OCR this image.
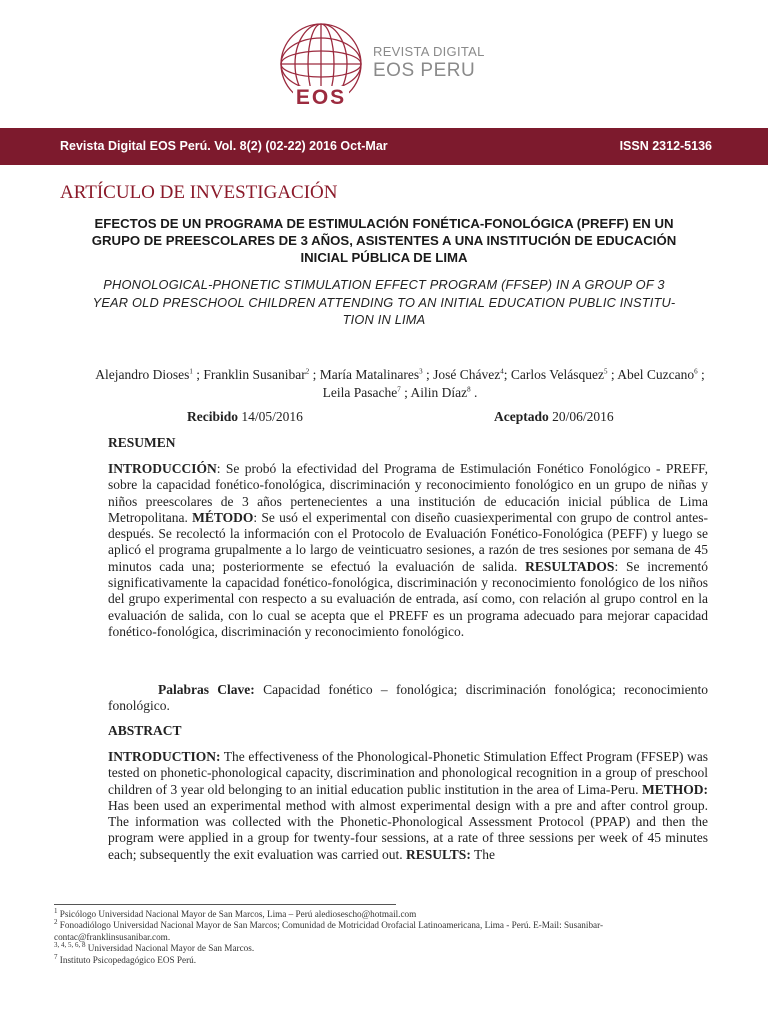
EOS
REVISTA DIGITAL
EOS PERU
Revista Digital EOS Perú. Vol. 8(2) (02-22) 2016 Oct-Mar	ISSN 2312-5136
ARTÍCULO DE INVESTIGACIÓN
EFECTOS DE UN PROGRAMA DE ESTIMULACIÓN FONÉTICA-FONOLÓGICA (PREFF) EN UN
GRUPO DE PREESCOLARES DE 3 AÑOS, ASISTENTES A UNA INSTITUCIÓN DE EDUCACIÓN
INICIAL PÚBLICA DE LIMA
PHONOLOGICAL-PHONETIC STIMULATION EFFECT PROGRAM (FFSEP) IN A GROUP OF 3
YEAR OLD PRESCHOOL CHILDREN ATTENDING TO AN INITIAL EDUCATION PUBLIC INSTITU-
TION IN LIMA
Alejandro Dioses$^1$ ; Franklin Susanibar$^2$ ; María Matalinares$^3$ ; José Chávez$^4$; Carlos Velásquez$^5$ ; Abel Cuzcano$^6$ ; Leila Pasache$^7$ ; Ailin Díaz$^8$ .
Recibido 14/05/2016	Aceptado 20/06/2016
RESUMEN

INTRODUCCIÓN: Se probó la efectividad del Programa de Estimulación Fonético Fonológico - PREFF, sobre la capacidad fonético-fonológica, discriminación y reconocimiento fonológico en un grupo de niñas y niños preescolares de 3 años pertenecientes a una institución de educación inicial pública de Lima Metropolitana. MÉTODO: Se usó el experimental con diseño cuasiexperimental con grupo de control antes-después. Se recolectó la información con el Protocolo de Evaluación Fonético-Fonológica (PEFF) y luego se aplicó el programa grupalmente a lo largo de veinticuatro sesiones, a razón de tres sesiones por semana de 45 minutos cada una; posteriormente se efectuó la evaluación de salida. RESULTADOS: Se incrementó significativamente la capacidad fonético-fonológica, discriminación y reconocimiento fonológico de los niños del grupo experimental con respecto a su evaluación de entrada, así como, con relación al grupo control en la evaluación de salida, con lo cual se acepta que el PREFF es un programa adecuado para mejorar capacidad fonético-fonológica, discriminación y reconocimiento fonológico.

Palabras Clave: Capacidad fonético – fonológica; discriminación fonológica; reconocimiento fonológico.

ABSTRACT

INTRODUCTION: The effectiveness of the Phonological-Phonetic Stimulation Effect Program (FFSEP) was tested on phonetic-phonological capacity, discrimination and phonological recognition in a group of preschool children of 3 year old belonging to an initial education public institution in the area of Lima-Peru. METHOD: Has been used an experimental method with almost experimental design with a pre and after control group. The information was collected with the Phonetic-Phonological Assessment Protocol (PPAP) and then the program were applied in a group for twenty-four sessions, at a rate of three sessions per week of 45 minutes each; subsequently the exit evaluation was carried out. RESULTS: The

$^1$ Psicólogo Universidad Nacional Mayor de San Marcos, Lima – Perú alediosescho@hotmail.com
$^2$ Fonoadiólogo Universidad Nacional Mayor de San Marcos; Comunidad de Motricidad Orofacial Latinoamericana, Lima - Perú. E-Mail: Susanibar-contac@franklinsusanibar.com.
$^{3, 4, 5, 6, 8}$ Universidad Nacional Mayor de San Marcos.
$^7$ Instituto Psicopedagógico EOS Perú.
